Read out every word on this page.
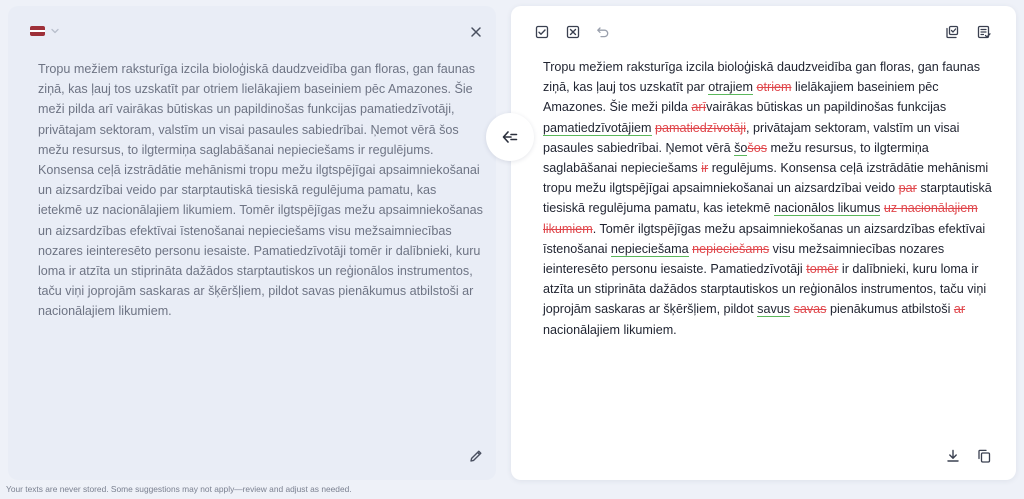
Tropu mežiem raksturīga izcila bioloģiskā daudzveidība gan floras, gan faunas ziņā, kas ļauj tos uzskatīt par otriem lielākajiem baseiniem pēc Amazones. Šie meži pilda arī vairākas būtiskas un papildinošas funkcijas pamatiedzīvotāji, privātajam sektoram, valstīm un visai pasaules sabiedrībai. Ņemot vērā šos mežu resursus, to ilgtermiņa saglabāšanai nepieciešams ir regulējums. Konsensa ceļā izstrādātie mehānismi tropu mežu ilgtspējīgai apsaimniekošanai un aizsardzībai veido par starptautiskā tiesiskā regulējuma pamatu, kas ietekmē uz nacionālajiem likumiem. Tomēr ilgtspējīgas mežu apsaimniekošanas un aizsardzības efektīvai īstenošanai nepieciešams visu mežsaimniecības nozares ieinteresēto personu iesaiste. Pamatiedzīvotāji tomēr ir dalībnieki, kuru loma ir atzīta un stiprināta dažādos starptautiskos un reģionālos instrumentos, taču viņi joprojām saskaras ar šķēršļiem, pildot savas pienākumus atbilstoši ar nacionālajiem likumiem.
Tropu mežiem raksturīga izcila bioloģiskā daudzveidība gan floras, gan faunas ziņā, kas ļauj tos uzskatīt par otrajiem otriem lielākajiem baseiniem pēc Amazones. Šie meži pilda arīvairākas būtiskas un papildinošas funkcijas pamatiedzīvotājiem pamatiedzīvotāji, privātajam sektoram, valstīm un visai pasaules sabiedrībai. Ņemot vērā šošos mežu resursus, to ilgtermiņa saglabāšanai nepieciešams ir regulējums. Konsensa ceļā izstrādātie mehānismi tropu mežu ilgtspējīgai apsaimniekošanai un aizsardzībai veido par starptautiskā tiesiskā regulējuma pamatu, kas ietekmē nacionālos likumus uz nacionālajiem likumiem. Tomēr ilgtspējīgas mežu apsaimniekošanas un aizsardzības efektīvai īstenošanai nepieciešama nepieciešams visu mežsaimniecības nozares ieinteresēto personu iesaiste. Pamatiedzīvotāji tomēr ir dalībnieki, kuru loma ir atzīta un stiprināta dažādos starptautiskos un reģionālos instrumentos, taču viņi joprojām saskaras ar šķēršļiem, pildot savus savas pienākumus atbilstoši ar nacionālajiem likumiem.
Your texts are never stored. Some suggestions may not apply—review and adjust as needed.
